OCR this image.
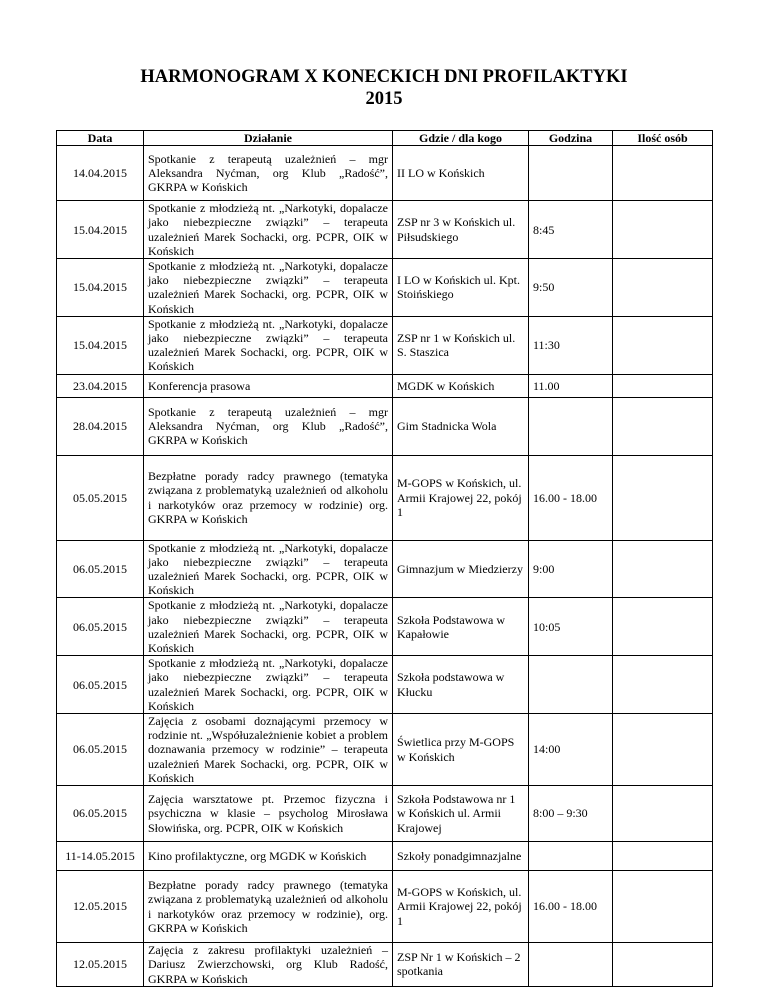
HARMONOGRAM X KONECKICH DNI PROFILAKTYKI
2015
Data	Działanie	Gdzie / dla kogo	Godzina	Ilość osób
14.04.2015	Spotkanie z terapeutą uzależnień – mgr Aleksandra Nyćman, org Klub „Radość”, GKRPA w Końskich	II LO w Końskich		
15.04.2015	Spotkanie z młodzieżą nt. „Narkotyki, dopalacze jako niebezpieczne związki” – terapeuta uzależnień Marek Sochacki, org. PCPR, OIK w Końskich	ZSP nr 3 w Końskich ul. Piłsudskiego	8:45	
15.04.2015	Spotkanie z młodzieżą nt. „Narkotyki, dopalacze jako niebezpieczne związki” – terapeuta uzależnień Marek Sochacki, org. PCPR, OIK w Końskich	I LO w Końskich ul. Kpt. Stoińskiego	9:50	
15.04.2015	Spotkanie z młodzieżą nt. „Narkotyki, dopalacze jako niebezpieczne związki” – terapeuta uzależnień Marek Sochacki, org. PCPR, OIK w Końskich	ZSP nr 1 w Końskich ul. S. Staszica	11:30	
23.04.2015	Konferencja prasowa	MGDK w Końskich	11.00	
28.04.2015	Spotkanie z terapeutą uzależnień – mgr Aleksandra Nyćman, org Klub „Radość”, GKRPA w Końskich	Gim Stadnicka Wola		
05.05.2015	Bezpłatne porady radcy prawnego (tematyka związana z problematyką uzależnień od alkoholu i narkotyków oraz przemocy w rodzinie) org. GKRPA w Końskich	M-GOPS w Końskich, ul. Armii Krajowej 22, pokój 1	16.00 - 18.00	
06.05.2015	Spotkanie z młodzieżą nt. „Narkotyki, dopalacze jako niebezpieczne związki” – terapeuta uzależnień Marek Sochacki, org. PCPR, OIK w Końskich	Gimnazjum w Miedzierzy	9:00	
06.05.2015	Spotkanie z młodzieżą nt. „Narkotyki, dopalacze jako niebezpieczne związki” – terapeuta uzależnień Marek Sochacki, org. PCPR, OIK w Końskich	Szkoła Podstawowa w Kapałowie	10:05	
06.05.2015	Spotkanie z młodzieżą nt. „Narkotyki, dopalacze jako niebezpieczne związki” – terapeuta uzależnień Marek Sochacki, org. PCPR, OIK w Końskich	Szkoła podstawowa w Kłucku		
06.05.2015	Zajęcia z osobami doznającymi przemocy w rodzinie nt. „Współuzależnienie kobiet a problem doznawania przemocy w rodzinie” – terapeuta uzależnień Marek Sochacki, org. PCPR, OIK w Końskich	Świetlica przy M-GOPS w Końskich	14:00	
06.05.2015	Zajęcia warsztatowe pt. Przemoc fizyczna i psychiczna w klasie – psycholog Mirosława Słowińska, org. PCPR, OIK w Końskich	Szkoła Podstawowa nr 1 w Końskich ul. Armii Krajowej	8:00 – 9:30	
11-14.05.2015	Kino profilaktyczne, org MGDK w Końskich	Szkoły ponadgimnazjalne		
12.05.2015	Bezpłatne porady radcy prawnego (tematyka związana z problematyką uzależnień od alkoholu i narkotyków oraz przemocy w rodzinie), org. GKRPA w Końskich	M-GOPS w Końskich, ul. Armii Krajowej 22, pokój 1	16.00 - 18.00	
12.05.2015	Zajęcia z zakresu profilaktyki uzależnień – Dariusz Zwierzchowski, org Klub Radość, GKRPA w Końskich	ZSP Nr 1 w Końskich – 2 spotkania		
